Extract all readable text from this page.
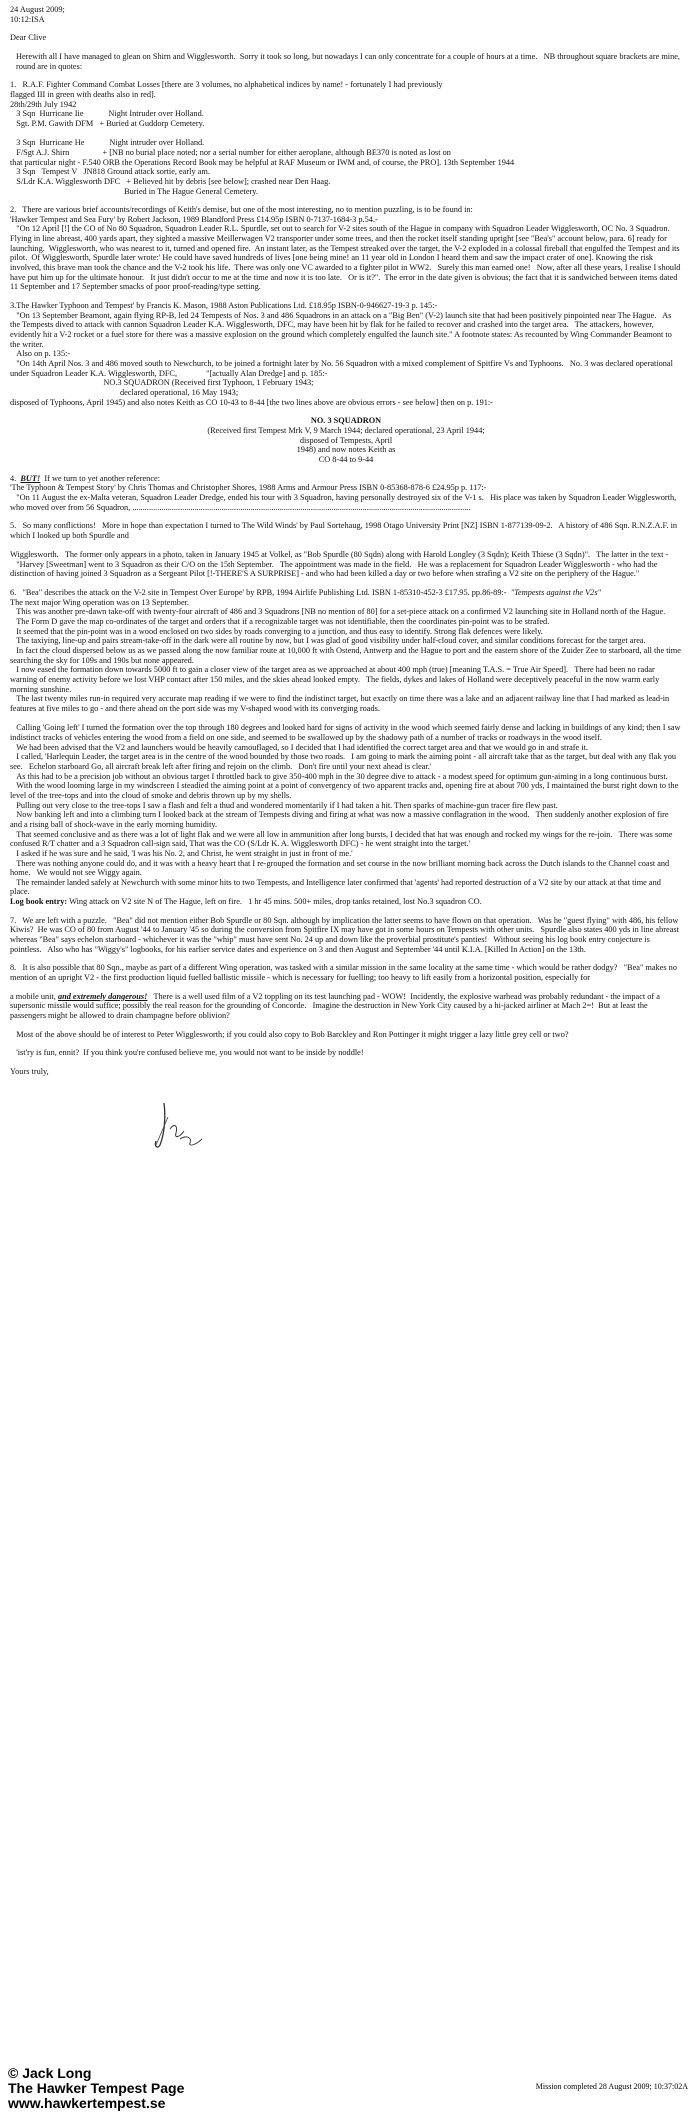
24 August 2009;

10:12:ISA

Dear Clive

Herewith all I have managed to glean on Shirn and Wigglesworth.  Sorry it took so long, but nowadays I can only concentrate for a couple of hours at a time.   NB throughout square brackets are mine, round are in quotes:

1.   R.A.F. Fighter Command Combat Losses [there are 3 volumes, no alphabetical indices by name! - fortunately I had previously

flagged III in green with deaths also in red].

28th/29th July 1942

3 Sqn  Hurricane Iie            Night Intruder over Holland.

Sgt. P.M. Gawith DFM   + Buried at Guddorp Cemetery.

3 Sqn  Hurricane He            Night intruder over Holland.

F/Sgt A.J. Shirn                + [NB no burial place noted; nor a serial number for either aeroplane, although BE370 is noted as lost on

that particular night - F.540 ORB the Operations Record Book may be helpful at RAF Museum or IWM and, of course, the PRO]. 13th September 1944

3 Sqn   Tempest V   JN818 Ground attack sortie, early am.

S/Ldr K.A. Wigglesworth DFC   + Believed hit by debris [see below]; crashed near Den Haag.

Buried in The Hague General Cemetery.

2.   There are various brief accounts/recordings of Keith's demise, but one of the most interesting, no to mention puzzling, is to be found in:

'Hawker Tempest and Sea Fury' by Robert Jackson, 1989 Blandford Press £14.95p ISBN 0-7137-1684-3 p.54.-

"On 12 April [!] the CO of No 80 Squadron, Squadron Leader R.L. Spurdle, set out to search for V-2 sites south of the Hague in company with Squadron Leader Wigglesworth, OC No. 3 Squadron.  Flying in line abreast, 400 yards apart, they sighted a massive Meillerwagen V2 transporter under some trees, and then the rocket itself standing upright [see "Bea's" account below, para. 6] ready for launching.  Wigglesworth, who was nearest to it, turned and opened fire.  An instant later, as the Tempest streaked over the target, the V-2 exploded in a colossal fireball that engulfed the Tempest and its pilot.  Of Wigglesworth, Spurdle later wrote:' He could have saved hundreds of lives [one being mine! an 11 year old in London I heard them and saw the impact crater of one]. Knowing the risk involved, this brave man took the chance and the V-2 took his life.  There was only one VC awarded to a fighter pilot in WW2.   Surely this man earned one!   Now, after all these years, I realise I should have put him up for the ultimate honour.   It just didn't occur to me at the time and now it is too late.   Or is it?".  The error in the date given is obvious; the fact that it is sandwiched between items dated 11 September and 17 September smacks of poor proof-reading/type setting.

3.The Hawker Typhoon and Tempest' by Francis K. Mason, 1988 Aston Publications Ltd. £18.95p ISBN-0-946627-19-3 p. 145:-

"On 13 September Beamont, again flying RP-B, led 24 Tempests of Nos. 3 and 486 Squadrons in an attack on a "Big Ben" (V-2) launch site that had been positively pinpointed near The Hague.   As the Tempests dived to attack with cannon Squadron Leader K.A. Wigglesworth, DFC, may have been hit by flak for he failed to recover and crashed into the target area.   The attackers, however, evidently hit a V-2 rocket or a fuel store for there was a massive explosion on the ground which completely engulfed the launch site." A footnote states: As recounted by Wing Commander Beamont to the writer.

Also on p. 135:-

"On 14th April Nos. 3 and 486 moved south to Newchurch, to be joined a fortnight later by No. 56 Squadron with a mixed complement of Spitfire Vs and Typhoons.   No. 3 was declared operational under Squadron Leader K.A. Wigglesworth, DFC,              "[actually Alan Dredge] and p. 185:-

NO.3 SQUADRON (Received first Typhoon, 1 February 1943;

declared operational, 16 May 1943;

disposed of Typhoons, April 1945) and also notes Keith as CO 10-43 to 8-44 [the two lines above are obvious errors - see below] then on p. 191:-

NO. 3 SQUADRON

(Received first Tempest Mrk V, 9 March 1944; declared operational, 23 April 1944;

disposed of Tempests, April

1948) and now notes Keith as

CO 8-44 to 9-44

4. BUT!  If we turn to yet another reference:

'The Typhoon & Tempest Story' by Chris Thomas and Christopher Shores, 1988 Arms and Armour Press ISBN 0-85368-878-6 £24.95p p. 117:-

"On 11 August the ex-Malta veteran, Squadron Leader Dredge, ended his tour with 3 Squadron, having personally destroyed six of the V-1 s.   His place was taken by Squadron Leader Wigglesworth, who moved over from 56 Squadron, ...................................................................................................................................................................

5.   So many conflictions!   More in hope than expectation I turned to The Wild Winds' by Paul Sortehaug, 1998 Otago University Print [NZ] ISBN 1-877139-09-2.   A history of 486 Sqn. R.N.Z.A.F. in which I looked up both Spurdle and

Wigglesworth.   The former only appears in a photo, taken in January 1945 at Volkel, as "Bob Spurdle (80 Sqdn) along with Harold Longley (3 Sqdn); Keith Thiese (3 Sqdn)".   The latter in the text -

"Harvey [Sweetman] went to 3 Squadron as their C/O on the 15th September.   The appointment was made in the field.   He was a replacement for Squadron Leader Wigglesworth - who had the distinction of having joined 3 Squadron as a Sergeant Pilot [!-THERE'S A SURPRISE] - and who had been killed a day or two before when strafing a V2 site on the periphery of the Hague."

6.   "Bea" describes the attack on the V-2 site in Tempest Over Europe' by RPB, 1994 Airlife Publishing Ltd. ISBN 1-85310-452-3 £17.95. pp.86-89:- "Tempests against the V2s"

The next major Wing operation was on 13 September.

This was another pre-dawn take-off with twenty-four aircraft of 486 and 3 Squadrons [NB no mention of 80] for a set-piece attack on a confirmed V2 launching site in Holland north of the Hague.

The Form D gave the map co-ordinates of the target and orders that if a recognizable target was not identifiable, then the coordinates pin-point was to be strafed.

It seemed that the pin-point was in a wood enclosed on two sides by roads converging to a junction, and thus easy to identify. Strong flak defences were likely.

The taxiying, line-up and pairs stream-take-off in the dark were all routine by now, but I was glad of good visibility under half-cloud cover, and similar conditions forecast for the target area.

In fact the cloud dispersed below us as we passed along the now familiar route at 10,000 ft with Ostend, Antwerp and the Hague to port and the eastern shore of the Zuider Zee to starboard, all the time searching the sky for 109s and 190s but none appeared.

I now eased the formation down towards 5000 ft to gain a closer view of the target area as we approached at about 400 mph (true) [meaning T.A.S. = True Air Speed].   There had been no radar warning of enemy activity before we lost VHP contact after 150 miles, and the skies ahead looked empty.   The fields, dykes and lakes of Holland were deceptively peaceful in the now warm early morning sunshine.

The last twenty miles run-in required very accurate map reading if we were to find the indistinct target, but exactly on time there was a lake and an adjacent railway line that I had marked as lead-in features at five miles to go - and there ahead on the port side was my V-shaped wood with its converging roads.

Calling 'Going left' I turned the formation over the top through 180 degrees and looked hard for signs of activity in the wood which seemed fairly dense and lacking in buildings of any kind; then I saw indistinct tracks of vehicles entering the wood from a field on one side, and seemed to be swallowed up by the shadowy path of a number of tracks or roadways in the wood itself.

We had been advised that the V2 and launchers would be heavily camouflaged, so I decided that I had identified the correct target area and that we would go in and strafe it.

I called, 'Harlequin Leader, the target area is in the centre of the wood bounded by those two roads.   I am going to mark the aiming point - all aircraft take that as the target, but deal with any flak you see.   Echelon starboard Go, all aircraft break left after firing and rejoin on the climb.   Don't fire until your next ahead is clear.'

As this had to be a precision job without an obvious target I throttled back to give 350-400 mph in the 30 degree dive to attack - a modest speed for optimum gun-aiming in a long continuous burst.

With the wood looming large in my windscreen I steadied the aiming point at a point of convergency of two apparent tracks and, opening fire at about 700 yds, I maintained the burst right down to the level of the tree-tops and into the cloud of smoke and debris thrown up by my shells.

Pulling out very close to the tree-tops I saw a flash and felt a thud and wondered momentarily if I had taken a hit. Then sparks of machine-gun tracer fire flew past.

Now banking left and into a climbing turn I looked back at the stream of Tempests diving and firing at what was now a massive conflagration in the wood.   Then suddenly another explosion of fire and a rising ball of shock-wave in the early morning humidity.

That seemed conclusive and as there was a lot of light flak and we were all low in ammunition after long bursts, I decided that hat was enough and rocked my wings for the re-join.   There was some confused R/T chatter and a 3 Squadron call-sign said, That was the CO (S/Ldr K. A. Wigglesworth DFC) - he went straight into the target.'

I asked if he was sure and he said, 'I was his No. 2, and Christ, he went straight in just in front of me.'

There was nothing anyone could do, and it was with a heavy heart that I re-grouped the formation and set course in the now brilliant morning back across the Dutch islands to the Channel coast and home.   We would not see Wiggy again.

The remainder landed safely at Newchurch with some minor hits to two Tempests, and Intelligence later confirmed that 'agents' had reported destruction of a V2 site by our attack at that time and place.

Log book entry: Wing attack on V2 site N of The Hague, left on fire.   1 hr 45 mins. 500+ miles, drop tanks retained, lost No.3 squadron CO.

7.   We are left with a puzzle.   "Bea" did not mention either Bob Spurdle or 80 Sqn. although by implication the latter seems to have flown on that operation.   Was he "guest flying" with 486, his fellow Kiwis?  He was CO of 80 from August '44 to January '45 so during the conversion from Spitfire IX may have got in some hours on Tempests with other units.   Spurdle also states 400 yds in line abreast whereas "Bea" says echelon starboard - whichever it was the "whip" must have sent No. 24 up and down like the proverbial prostitute's panties!   Without seeing his log book entry conjecture is pointless.   Also who has "Wiggy's" logbooks, for his earlier service dates and experience on 3 and then August and September '44 until K.I.A. [Killed In Action] on the 13th.

8.   It is also possible that 80 Sqn., maybe as part of a different Wing operation, was tasked with a similar mission in the same locality at the same time - which would be rather dodgy?   "Bea" makes no mention of an upright V2 - the first production liquid fuelled ballistic missile - which is necessary for fuelling; too heavy to lift easily from a horizontal position, especially for

a mobile unit, and extremely dangerous!   There is a well used film of a V2 toppling on its test launching pad - WOW!  Incidently, the explosive warhead was probably redundant - the impact of a supersonic missile would suffice; possibly the real reason for the grounding of Concorde.   Imagine the destruction in New York City caused by a hi-jacked airliner at Mach 2=!  But at least the passengers might be allowed to drain champagne before oblivion?

Most of the above should be of interest to Peter Wigglesworth; if you could also copy to Bob Barckley and Ron Pottinger it might trigger a lazy little grey cell or two?

'ist'ry is fun, ennit?  If you think you're confused believe me, you would not want to be inside by noddle!

Yours truly,

© Jack Long

The Hawker Tempest Page

www.hawkertempest.se

Mission completed 28 August 2009; 10:37:02A
